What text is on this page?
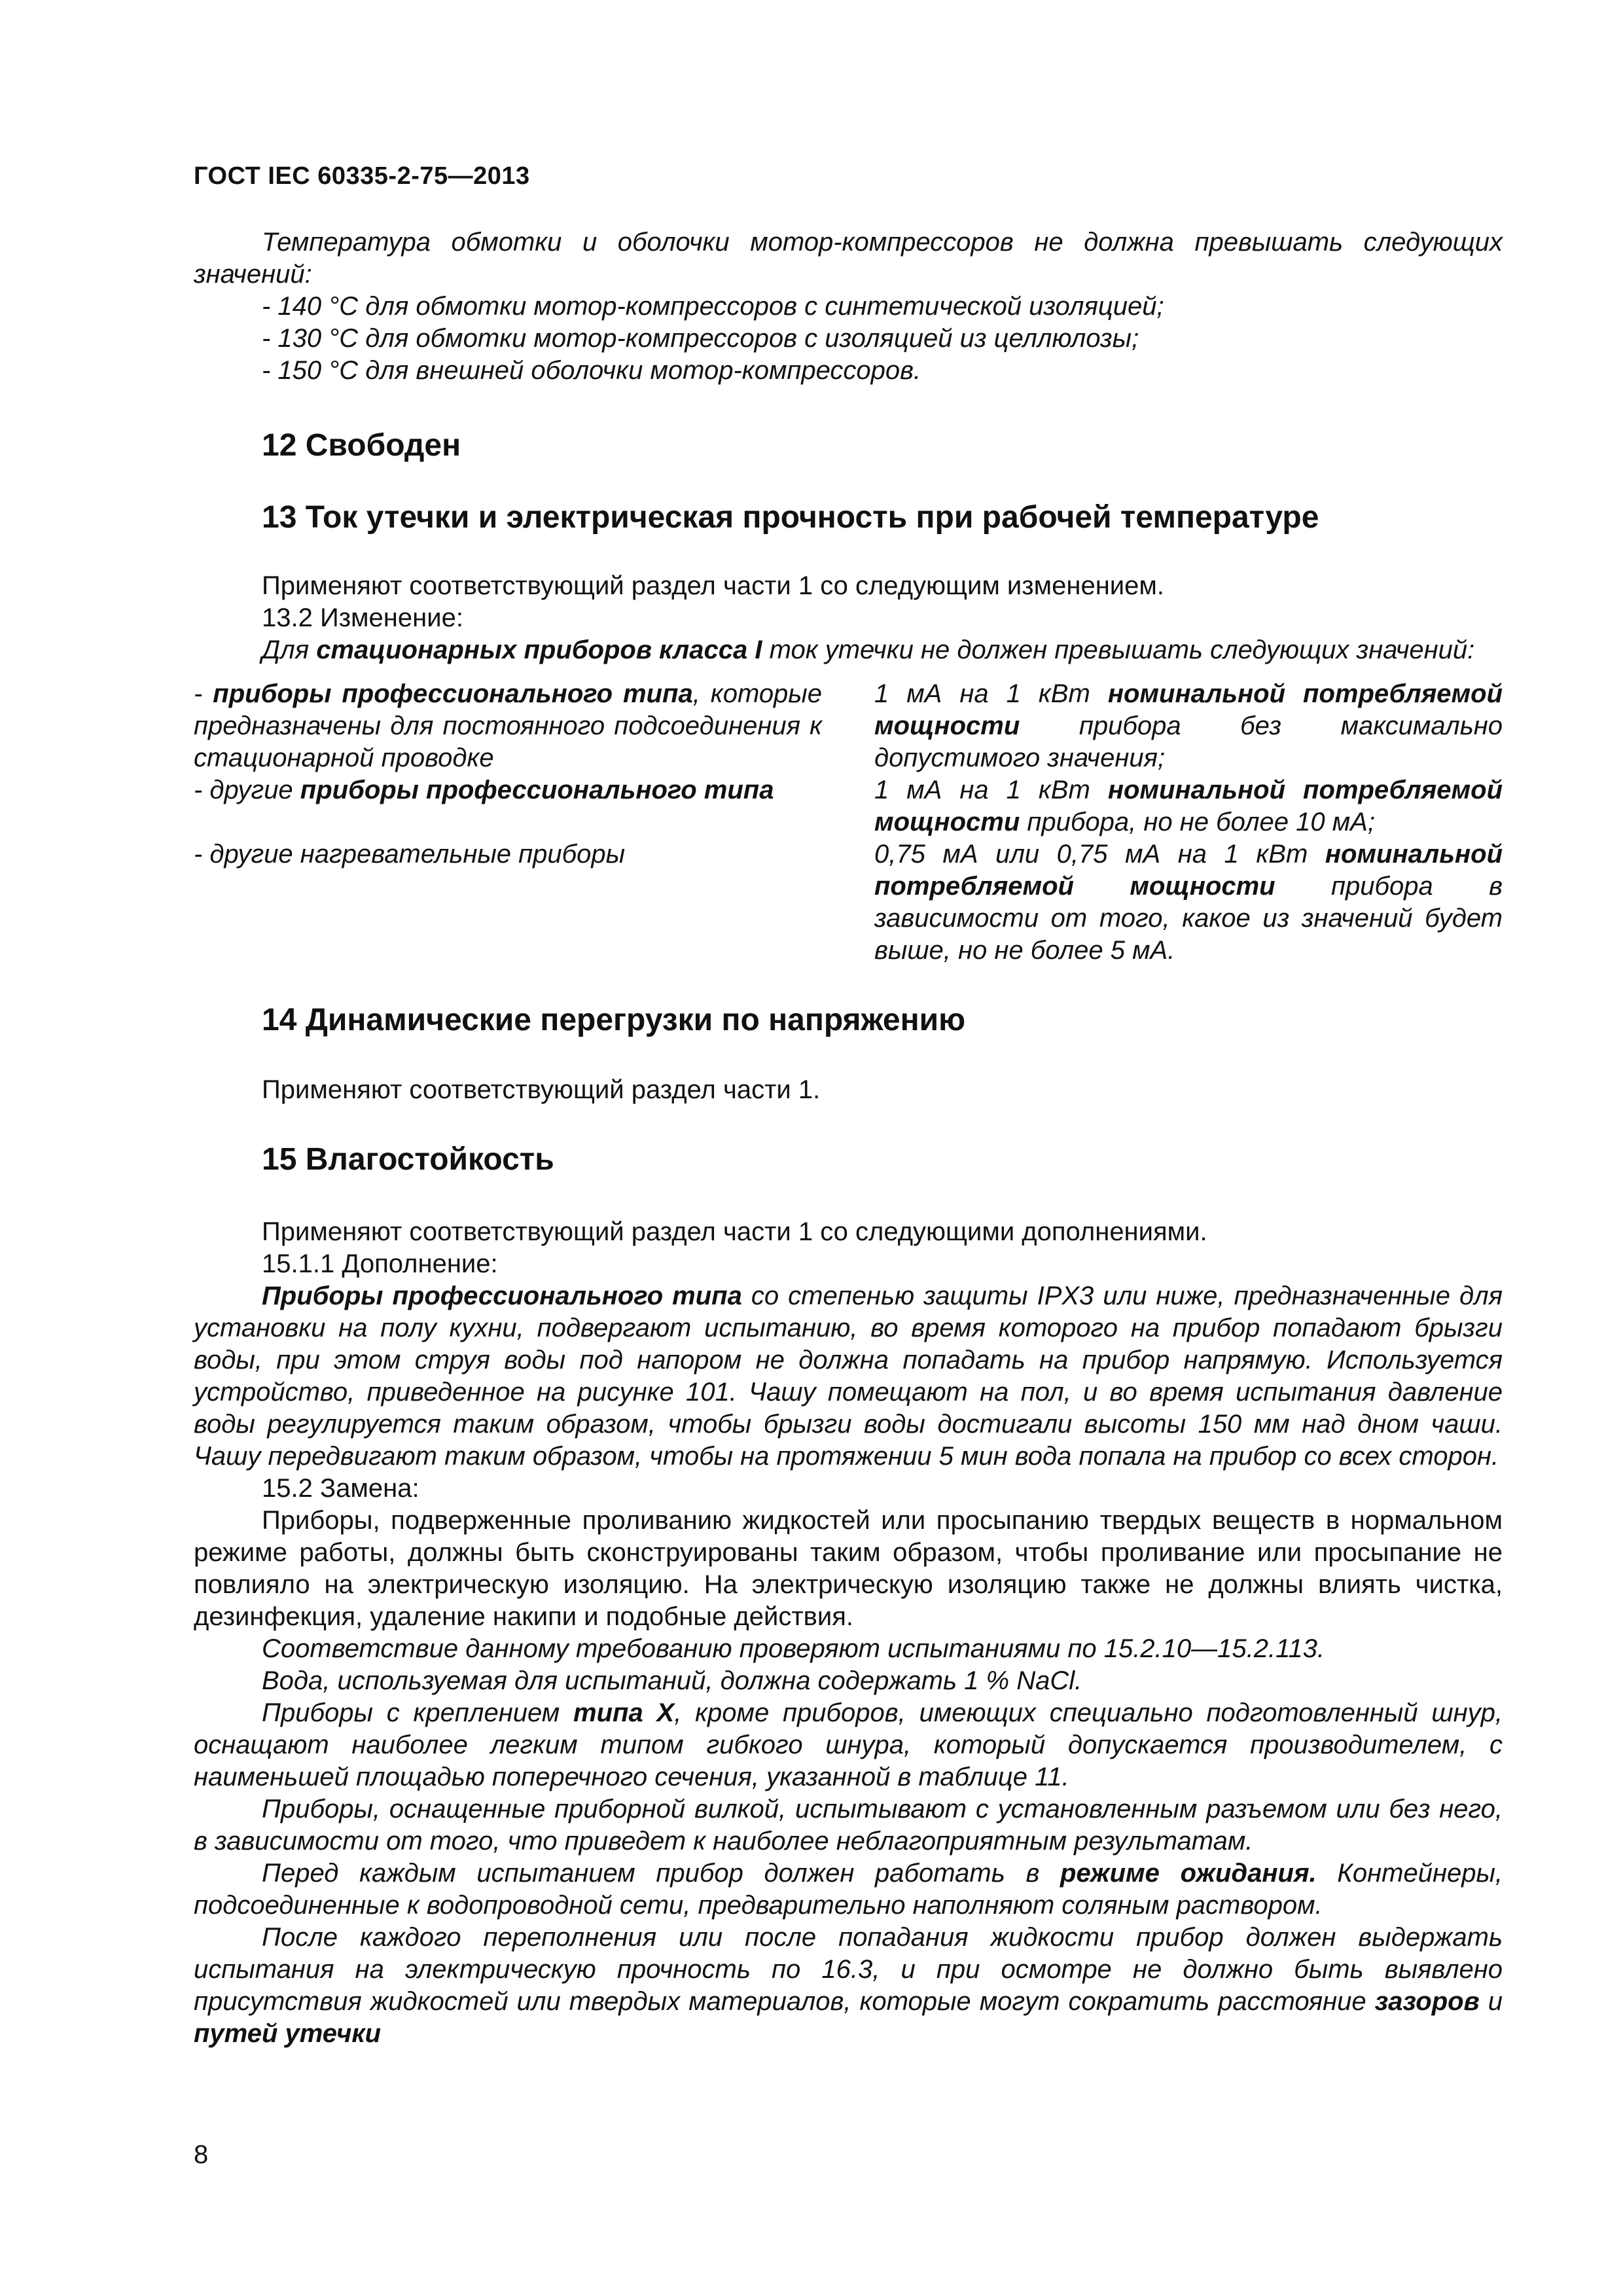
ГОСТ IEC 60335-2-75—2013

Температура обмотки и оболочки мотор-компрессоров не должна превышать следующих значений:

- 140 °С для обмотки мотор-компрессоров с синтетической изоляцией;

- 130 °С для обмотки мотор-компрессоров с изоляцией из целлюлозы;

- 150 °С для внешней оболочки мотор-компрессоров.

12 Свободен
13 Ток утечки и электрическая прочность при рабочей температуре

Применяют соответствующий раздел части 1 со следующим изменением.

13.2 Изменение:

Для стационарных приборов класса I ток утечки не должен превышать следующих значений:

- приборы профессионального типа, которые предназначены для постоянного подсоединения к стационарной проводке
1 мА на 1 кВт номинальной потребляемой мощности прибора без максимально допустимого значения;
- другие приборы профессионального типа	1 мА на 1 кВт номинальной потребляемой мощности прибора, но не более 10 мА;
- другие нагревательные приборы	0,75 мА или 0,75 мА на 1 кВт номинальной потребляемой мощности прибора в зависимости от того, какое из значений будет выше, но не более 5 мА.
14 Динамические перегрузки по напряжению

Применяют соответствующий раздел части 1.

15 Влагостойкость

Применяют соответствующий раздел части 1 со следующими дополнениями.

15.1.1 Дополнение:

Приборы профессионального типа со степенью защиты IPX3 или ниже, предназначенные для установки на полу кухни, подвергают испытанию, во время которого на прибор попадают брызги воды, при этом струя воды под напором не должна попадать на прибор напрямую. Используется устройство, приведенное на рисунке 101. Чашу помещают на пол, и во время испытания давление воды регулируется таким образом, чтобы брызги воды достигали высоты 150 мм над дном чаши. Чашу передвигают таким образом, чтобы на протяжении 5 мин вода попала на прибор со всех сторон.

15.2 Замена:

Приборы, подверженные проливанию жидкостей или просыпанию твердых веществ в нормальном режиме работы, должны быть сконструированы таким образом, чтобы проливание или просыпание не повлияло на электрическую изоляцию. На электрическую изоляцию также не должны влиять чистка, дезинфекция, удаление накипи и подобные действия.

Соответствие данному требованию проверяют испытаниями по 15.2.10—15.2.113.

Вода, используемая для испытаний, должна содержать 1 % NaCl.

Приборы с креплением типа X, кроме приборов, имеющих специально подготовленный шнур, оснащают наиболее легким типом гибкого шнура, который допускается производителем, с наименьшей площадью поперечного сечения, указанной в таблице 11.

Приборы, оснащенные приборной вилкой, испытывают с установленным разъемом или без него, в зависимости от того, что приведет к наиболее неблагоприятным результатам.

Перед каждым испытанием прибор должен работать в режиме ожидания. Контейнеры, подсоединенные к водопроводной сети, предварительно наполняют соляным раствором.

После каждого переполнения или после попадания жидкости прибор должен выдержать испытания на электрическую прочность по 16.3, и при осмотре не должно быть выявлено присутствия жидкостей или твердых материалов, которые могут сократить расстояние зазоров и путей утечки

8
